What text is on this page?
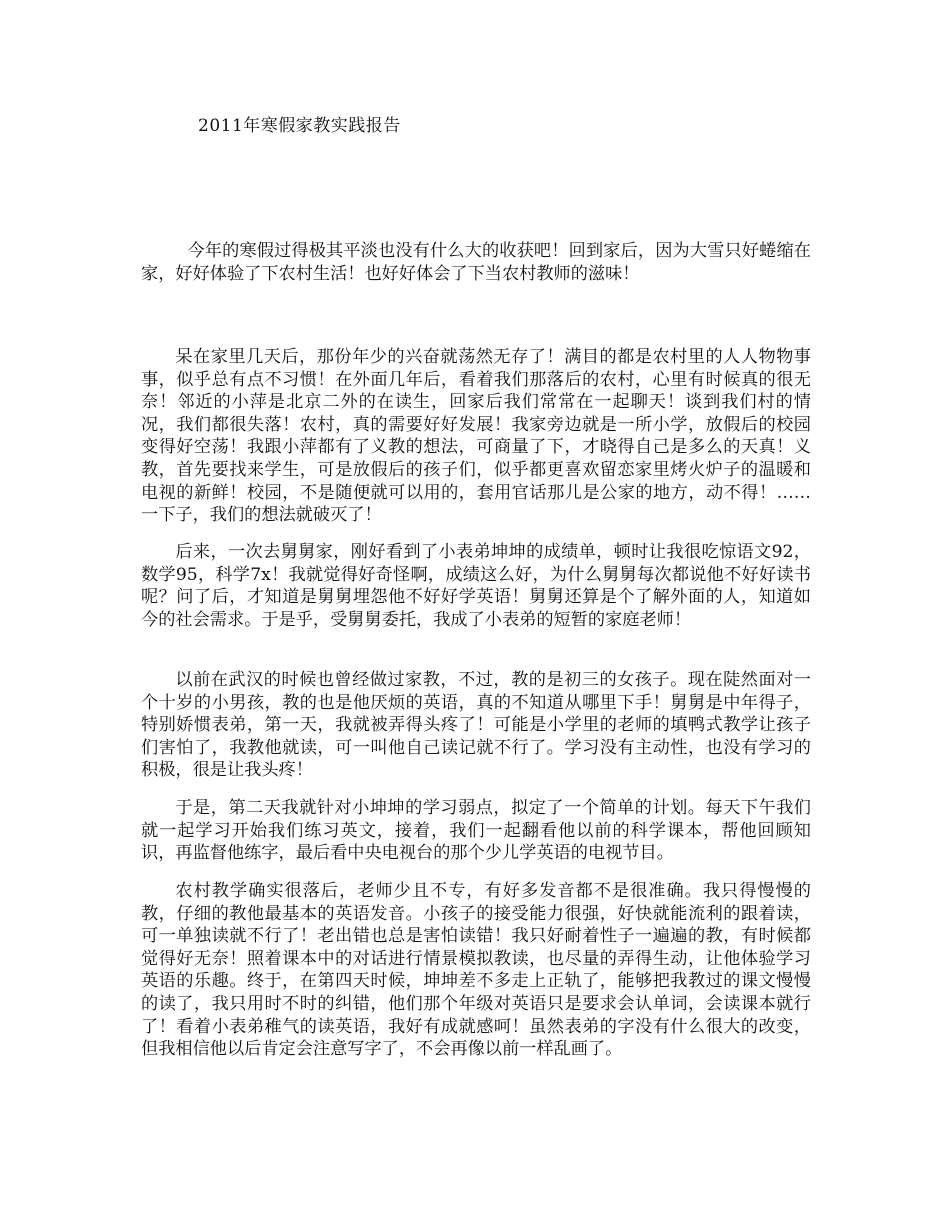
2011年寒假家教实践报告

今年的寒假过得极其平淡也没有什么大的收获吧！回到家后，因为大雪只好蜷缩在家，好好体验了下农村生活！也好好体会了下当农村教师的滋味！

呆在家里几天后，那份年少的兴奋就荡然无存了！满目的都是农村里的人人物物事事，似乎总有点不习惯！在外面几年后，看着我们那落后的农村，心里有时候真的很无奈！邻近的小萍是北京二外的在读生，回家后我们常常在一起聊天！谈到我们村的情况，我们都很失落！农村，真的需要好好发展！我家旁边就是一所小学，放假后的校园变得好空荡！我跟小萍都有了义教的想法，可商量了下，才晓得自己是多么的天真！义教，首先要找来学生，可是放假后的孩子们，似乎都更喜欢留恋家里烤火炉子的温暖和电视的新鲜！校园，不是随便就可以用的，套用官话那儿是公家的地方，动不得！……一下子，我们的想法就破灭了！

后来，一次去舅舅家，刚好看到了小表弟坤坤的成绩单，顿时让我很吃惊语文92，数学95，科学7x！我就觉得好奇怪啊，成绩这么好，为什么舅舅每次都说他不好好读书呢？问了后，才知道是舅舅埋怨他不好好学英语！舅舅还算是个了解外面的人，知道如今的社会需求。于是乎，受舅舅委托，我成了小表弟的短暂的家庭老师！

以前在武汉的时候也曾经做过家教，不过，教的是初三的女孩子。现在陡然面对一个十岁的小男孩，教的也是他厌烦的英语，真的不知道从哪里下手！舅舅是中年得子，特别娇惯表弟，第一天，我就被弄得头疼了！可能是小学里的老师的填鸭式教学让孩子们害怕了，我教他就读，可一叫他自己读记就不行了。学习没有主动性，也没有学习的积极，很是让我头疼！

于是，第二天我就针对小坤坤的学习弱点，拟定了一个简单的计划。每天下午我们就一起学习开始我们练习英文，接着，我们一起翻看他以前的科学课本，帮他回顾知识，再监督他练字，最后看中央电视台的那个少儿学英语的电视节目。

农村教学确实很落后，老师少且不专，有好多发音都不是很准确。我只得慢慢的教，仔细的教他最基本的英语发音。小孩子的接受能力很强，好快就能流利的跟着读，可一单独读就不行了！老出错也总是害怕读错！我只好耐着性子一遍遍的教，有时候都觉得好无奈！照着课本中的对话进行情景模拟教读，也尽量的弄得生动，让他体验学习英语的乐趣。终于，在第四天时候，坤坤差不多走上正轨了，能够把我教过的课文慢慢的读了，我只用时不时的纠错，他们那个年级对英语只是要求会认单词，会读课本就行了！看着小表弟稚气的读英语，我好有成就感呵！虽然表弟的字没有什么很大的改变，但我相信他以后肯定会注意写字了，不会再像以前一样乱画了。
